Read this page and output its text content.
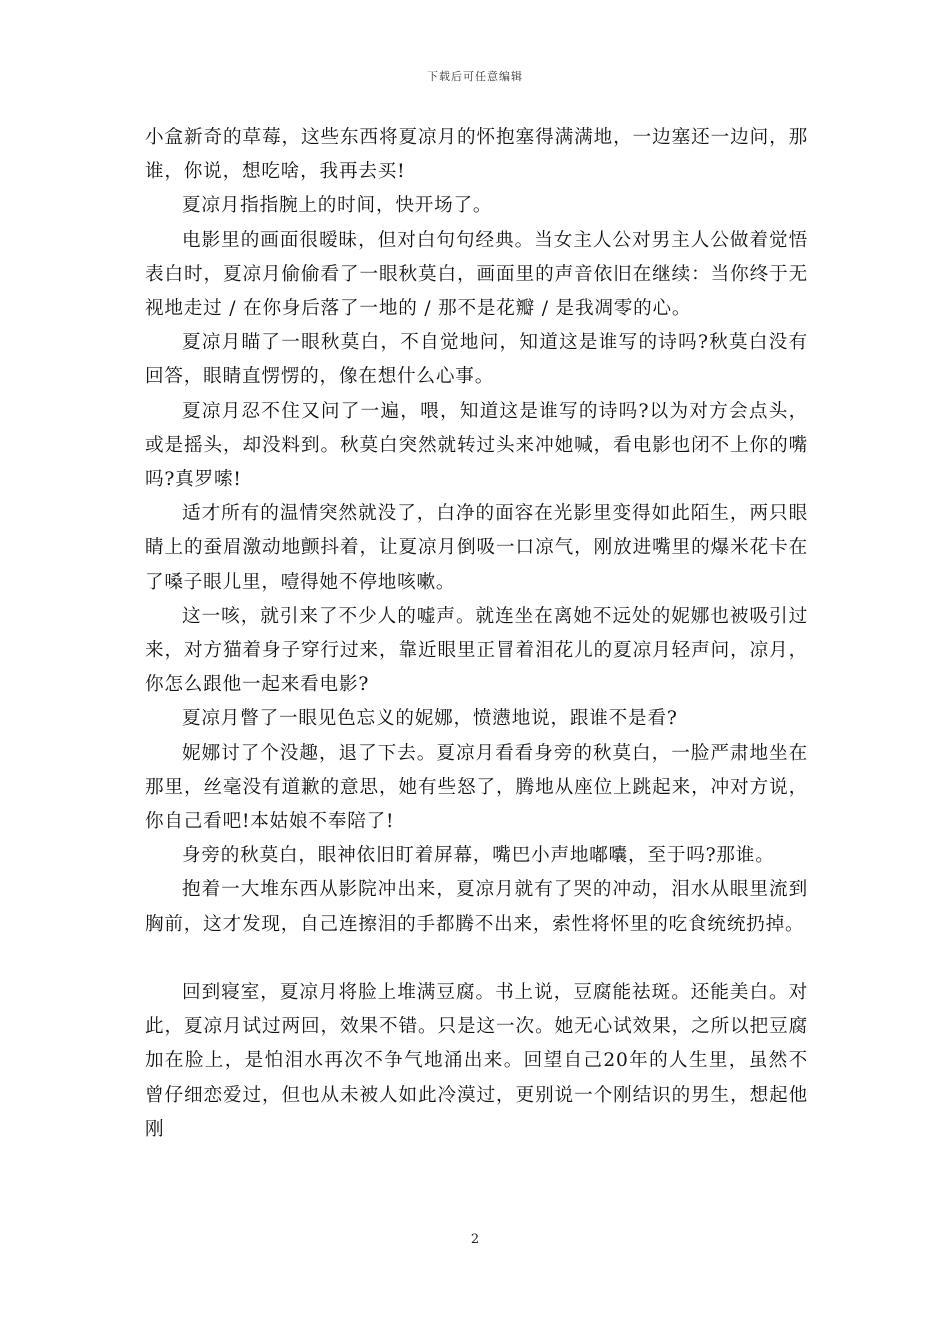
下载后可任意编辑

小盒新奇的草莓，这些东西将夏凉月的怀抱塞得满满地，一边塞还一边问，那谁，你说，想吃啥，我再去买!

夏凉月指指腕上的时间，快开场了。

电影里的画面很暧昧，但对白句句经典。当女主人公对男主人公做着觉悟表白时，夏凉月偷偷看了一眼秋莫白，画面里的声音依旧在继续：当你终于无视地走过 / 在你身后落了一地的 / 那不是花瓣 / 是我凋零的心。

夏凉月瞄了一眼秋莫白，不自觉地问，知道这是谁写的诗吗?秋莫白没有回答，眼睛直愣愣的，像在想什么心事。

夏凉月忍不住又问了一遍，喂，知道这是谁写的诗吗?以为对方会点头，或是摇头，却没料到。秋莫白突然就转过头来冲她喊，看电影也闭不上你的嘴吗?真罗嗦!

适才所有的温情突然就没了，白净的面容在光影里变得如此陌生，两只眼睛上的蚕眉激动地颤抖着，让夏凉月倒吸一口凉气，刚放进嘴里的爆米花卡在了嗓子眼儿里，噎得她不停地咳嗽。

这一咳，就引来了不少人的嘘声。就连坐在离她不远处的妮娜也被吸引过来，对方猫着身子穿行过来，靠近眼里正冒着泪花儿的夏凉月轻声问，凉月，你怎么跟他一起来看电影?

夏凉月瞥了一眼见色忘义的妮娜，愤懑地说，跟谁不是看?

妮娜讨了个没趣，退了下去。夏凉月看看身旁的秋莫白，一脸严肃地坐在那里，丝毫没有道歉的意思，她有些怒了，腾地从座位上跳起来，冲对方说，你自己看吧!本姑娘不奉陪了!

身旁的秋莫白，眼神依旧盯着屏幕，嘴巴小声地嘟囔，至于吗?那谁。

抱着一大堆东西从影院冲出来，夏凉月就有了哭的冲动，泪水从眼里流到胸前，这才发现，自己连擦泪的手都腾不出来，索性将怀里的吃食统统扔掉。

回到寝室，夏凉月将脸上堆满豆腐。书上说，豆腐能祛斑。还能美白。对此，夏凉月试过两回，效果不错。只是这一次。她无心试效果，之所以把豆腐加在脸上，是怕泪水再次不争气地涌出来。回望自己20年的人生里，虽然不曾仔细恋爱过，但也从未被人如此冷漠过，更别说一个刚结识的男生，想起他刚

2
